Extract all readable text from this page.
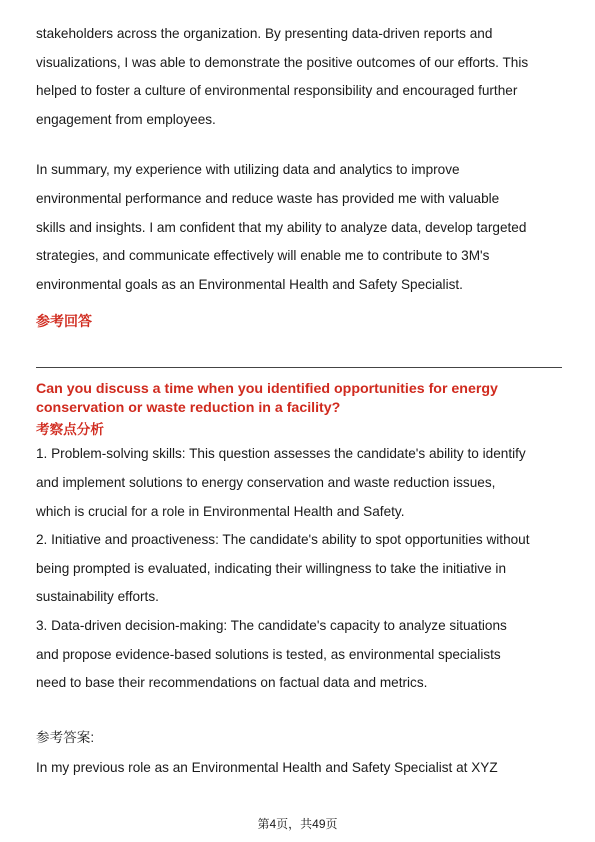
stakeholders across the organization. By presenting data-driven reports and

visualizations, I was able to demonstrate the positive outcomes of our efforts. This

helped to foster a culture of environmental responsibility and encouraged further

engagement from employees.

In summary, my experience with utilizing data and analytics to improve

environmental performance and reduce waste has provided me with valuable

skills and insights. I am confident that my ability to analyze data, develop targeted

strategies, and communicate effectively will enable me to contribute to 3M's

environmental goals as an Environmental Health and Safety Specialist.

参考回答

Can you discuss a time when you identified opportunities for energy
conservation or waste reduction in a facility?

考察点分析

1. Problem-solving skills: This question assesses the candidate's ability to identify

and implement solutions to energy conservation and waste reduction issues,

which is crucial for a role in Environmental Health and Safety.

2. Initiative and proactiveness: The candidate's ability to spot opportunities without

being prompted is evaluated, indicating their willingness to take the initiative in

sustainability efforts.

3. Data-driven decision-making: The candidate's capacity to analyze situations

and propose evidence-based solutions is tested, as environmental specialists

need to base their recommendations on factual data and metrics.

参考答案:

In my previous role as an Environmental Health and Safety Specialist at XYZ

第4页，共49页
